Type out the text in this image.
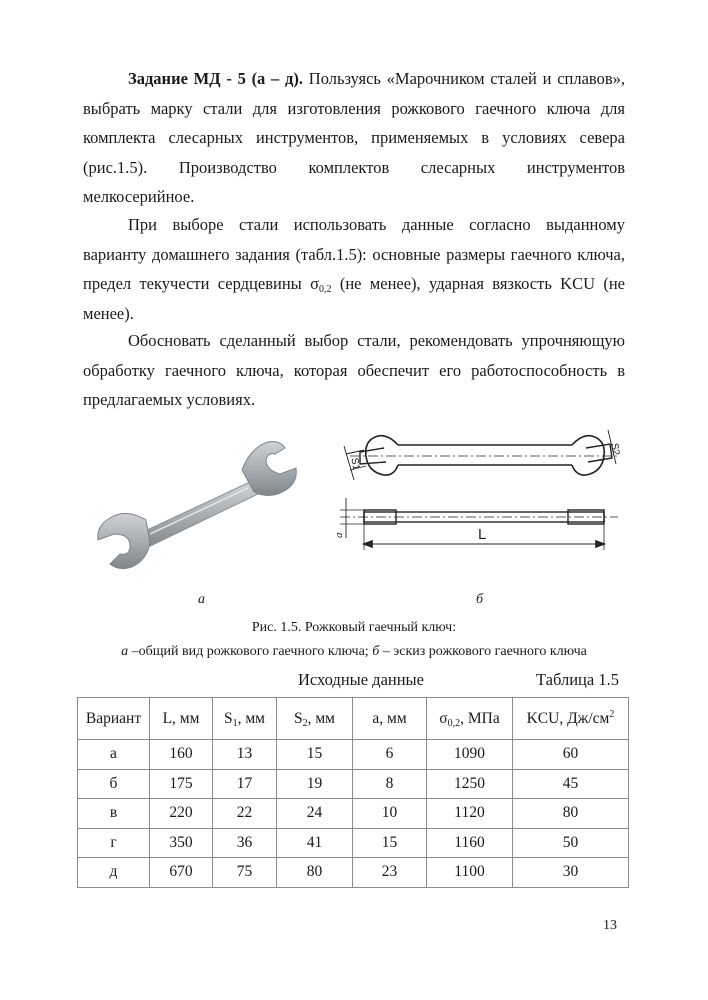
Задание МД - 5 (а – д). Пользуясь «Марочником сталей и сплавов»,
выбрать марку стали для изготовления рожкового гаечного ключа для
комплекта слесарных инструментов, применяемых в условиях севера
(рис.1.5). Производство комплектов слесарных инструментов
мелкосерийное.
При выборе стали использовать данные согласно выданному
варианту домашнего задания (табл.1.5): основные размеры гаечного ключа,
предел текучести сердцевины $\sigma_{0,2}$ (не менее), ударная вязкость KCU (не
менее).
Обосновать сделанный выбор стали, рекомендовать упрочняющую
обработку гаечного ключа, которая обеспечит его работоспособность в
предлагаемых условиях.
S1
S2
a	L
а	б
Рис. 1.5. Рожковый гаечный ключ:
а –общий вид рожкового гаечного ключа; б – эскиз рожкового гаечного ключа
Исходные данные	Таблица 1.5
Вариант	L, мм	$S_1$, мм	$S_2$, мм	а, мм	$\sigma_{0,2}$, МПа	KCU, $Дж/см^2$
а	160	13	15	6	1090	60
б	175	17	19	8	1250	45
в	220	22	24	10	1120	80
г	350	36	41	15	1160	50
д	670	75	80	23	1100	30
13
